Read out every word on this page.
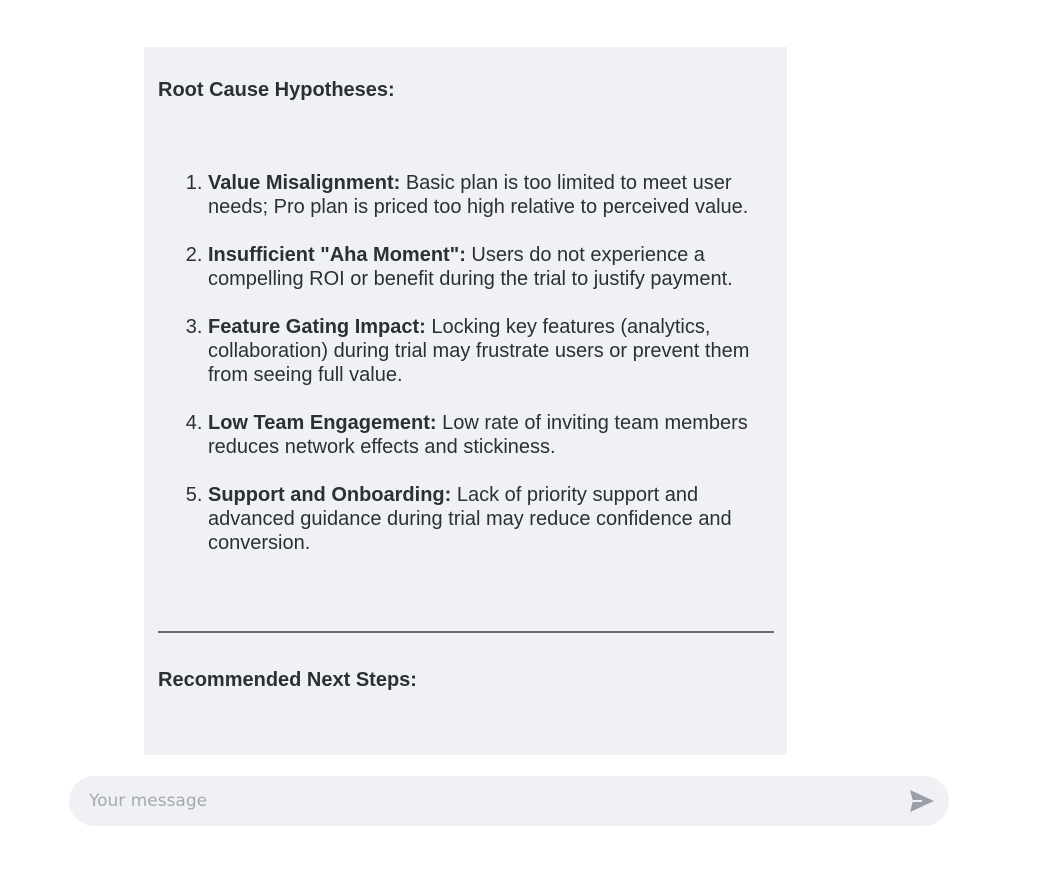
Root Cause Hypotheses:
1. Value Misalignment: Basic plan is too limited to meet user needs; Pro plan is priced too high relative to perceived value.
2. Insufficient "Aha Moment": Users do not experience a compelling ROI or benefit during the trial to justify payment.
3. Feature Gating Impact: Locking key features (analytics, collaboration) during trial may frustrate users or prevent them from seeing full value.
4. Low Team Engagement: Low rate of inviting team members reduces network effects and stickiness.
5. Support and Onboarding: Lack of priority support and advanced guidance during trial may reduce confidence and conversion.
Recommended Next Steps:
Your message
